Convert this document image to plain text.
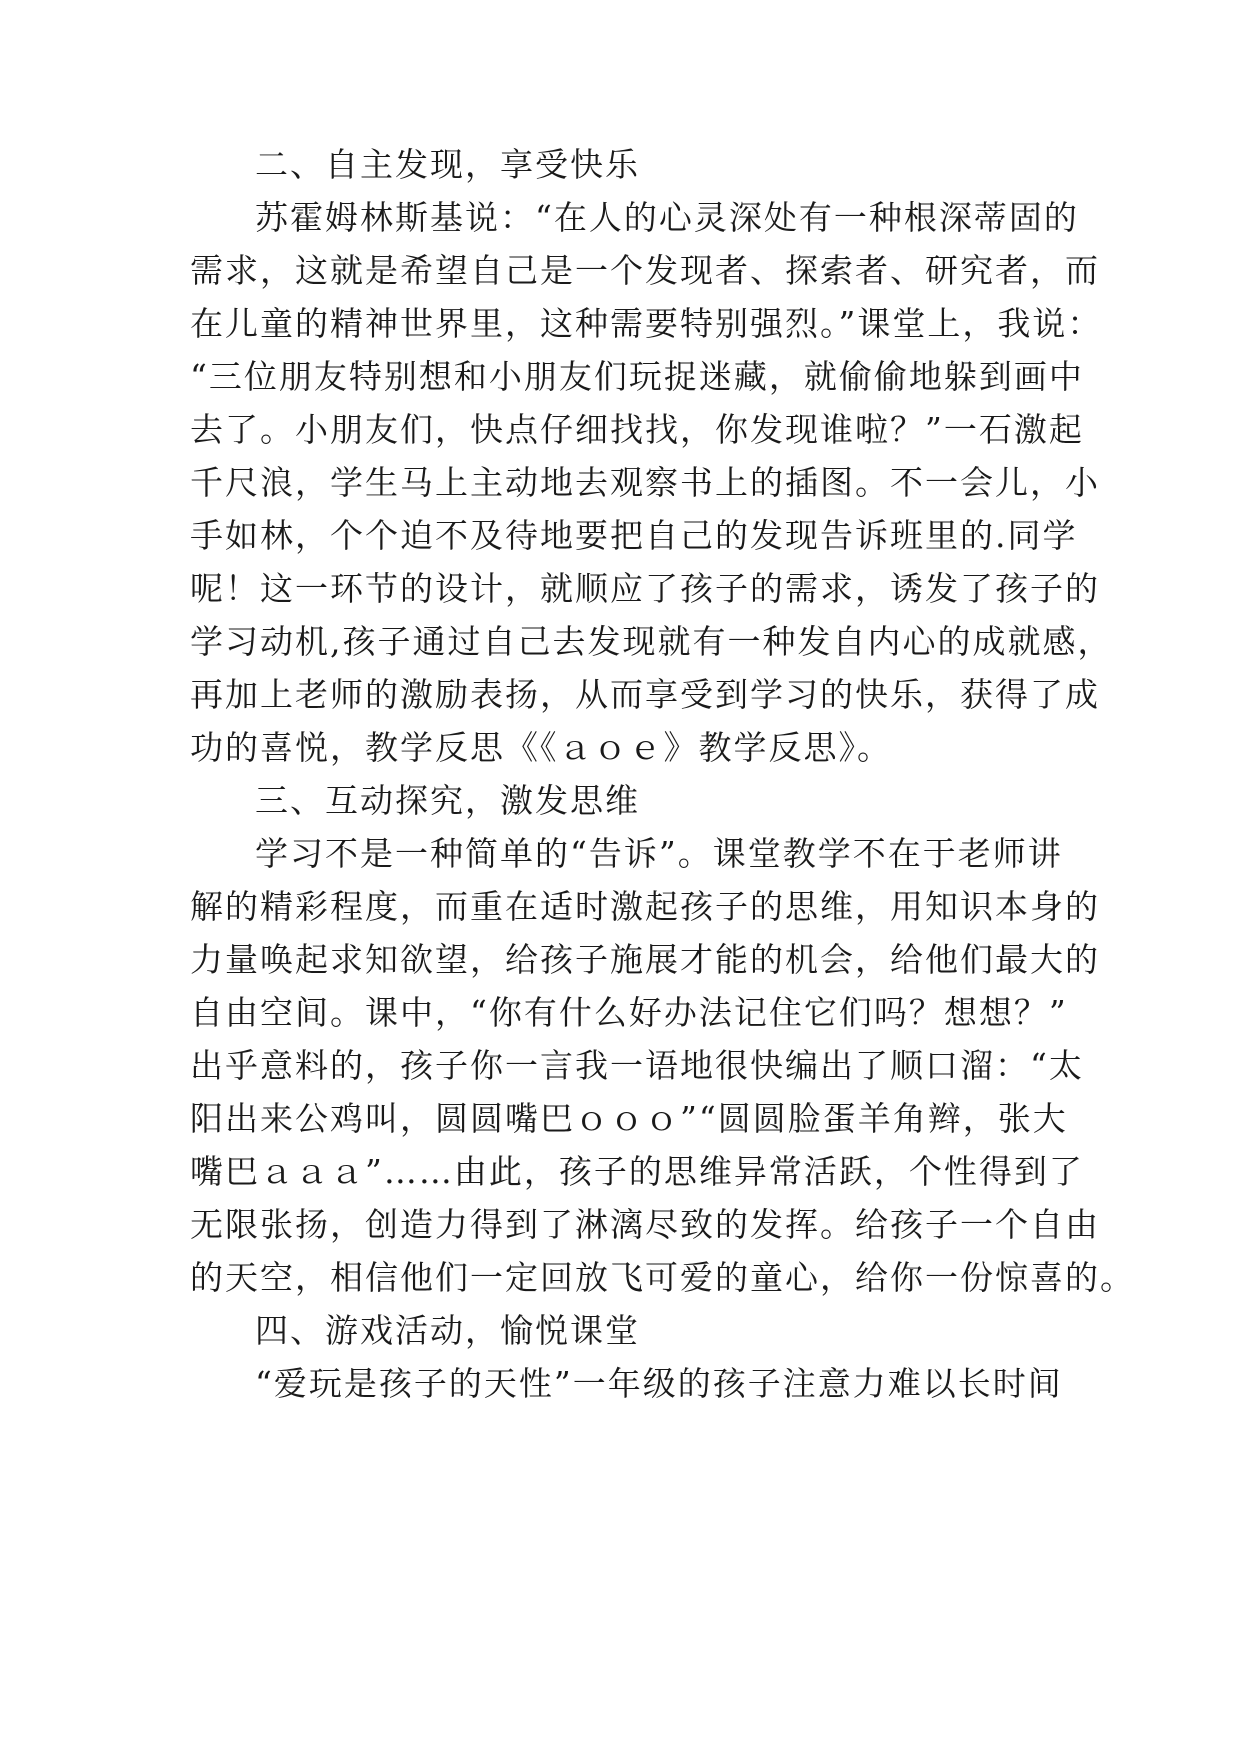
二、自主发现，享受快乐
苏霍姆林斯基说：“在人的心灵深处有一种根深蒂固的
需求，这就是希望自己是一个发现者、探索者、研究者，而
在儿童的精神世界里，这种需要特别强烈。”课堂上，我说：
“三位朋友特别想和小朋友们玩捉迷藏，就偷偷地躲到画中
去了。小朋友们，快点仔细找找，你发现谁啦？”一石激起
千尺浪，学生马上主动地去观察书上的插图。不一会儿，小
手如林，个个迫不及待地要把自己的发现告诉班里的.同学
呢！这一环节的设计，就顺应了孩子的需求，诱发了孩子的
学习动机,孩子通过自己去发现就有一种发自内心的成就感，
再加上老师的激励表扬，从而享受到学习的快乐，获得了成
功的喜悦，教学反思《《ａｏｅ》教学反思》。
三、互动探究，激发思维
学习不是一种简单的“告诉”。课堂教学不在于老师讲
解的精彩程度，而重在适时激起孩子的思维，用知识本身的
力量唤起求知欲望，给孩子施展才能的机会，给他们最大的
自由空间。课中，“你有什么好办法记住它们吗？想想？”
出乎意料的，孩子你一言我一语地很快编出了顺口溜：“太
阳出来公鸡叫，圆圆嘴巴ｏｏｏ”“圆圆脸蛋羊角辫，张大
嘴巴ａａａ”……由此，孩子的思维异常活跃，个性得到了
无限张扬，创造力得到了淋漓尽致的发挥。给孩子一个自由
的天空，相信他们一定回放飞可爱的童心，给你一份惊喜的。
四、游戏活动，愉悦课堂
“爱玩是孩子的天性”一年级的孩子注意力难以长时间
